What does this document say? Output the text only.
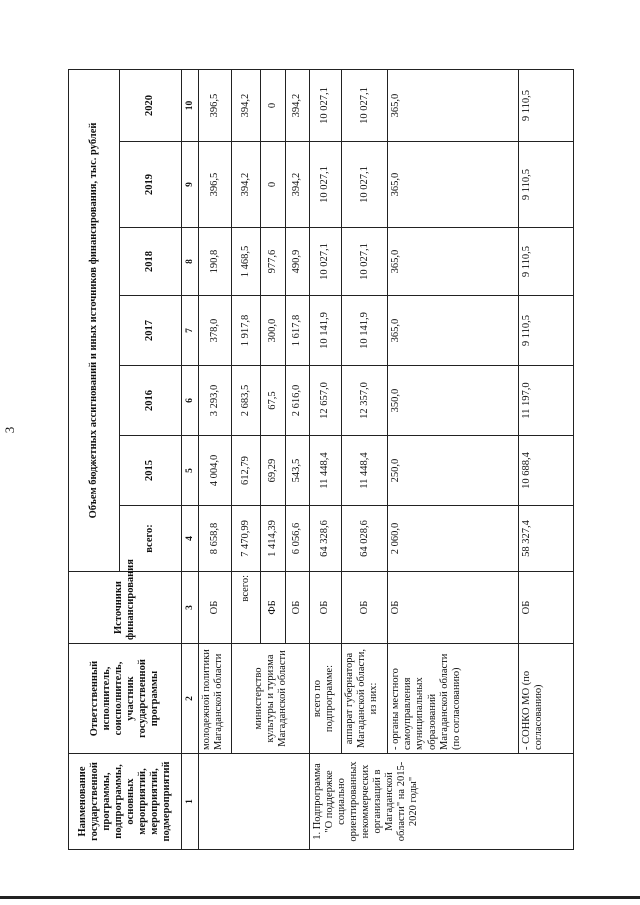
3
Наименование государственной программы, подпрограммы, основных мероприятий, мероприятий, подмероприятий	Ответственный исполнитель, соисполнитель, участник государственной программы	Источники финансирования	Объем бюджетных ассигнований и иных источников финансирования, тыс. рублей						
			всего:	2015	2016	2017	2018	2019	2020
1	2	3	4	5	6	7	8	9	10
	молодежной политики Магаданской области	ОБ	8 658,8	4 004,0	3 293,0	378,0	190,8	396,5	396,5
	министерство культуры и туризма Магаданской области	всего:	7 470,99	612,79	2 683,5	1 917,8	1 468,5	394,2	394,2
		ФБ	1 414,39	69,29	67,5	300,0	977,6	0	0
		ОБ	6 056,6	543,5	2 616,0	1 617,8	490,9	394,2	394,2
1. Подпрограмма "О поддержке социально ориентированных некоммерческих организаций в Магаданской области" на 2015-2020 годы"	всего по подпрограмме:	ОБ	64 328,6	11 448,4	12 657,0	10 141,9	10 027,1	10 027,1	10 027,1
	аппарат губернатора Магаданской области, из них:	ОБ	64 028,6	11 448,4	12 357,0	10 141,9	10 027,1	10 027,1	10 027,1
	- органы местного самоуправления муниципальных образований Магаданской области (по согласованию)	ОБ	2 060,0	250,0	350,0	365,0	365,0	365,0	365,0
	- СОНКО МО (по согласованию)	ОБ	58 327,4	10 688,4	11 197,0	9 110,5	9 110,5	9 110,5	9 110,5
